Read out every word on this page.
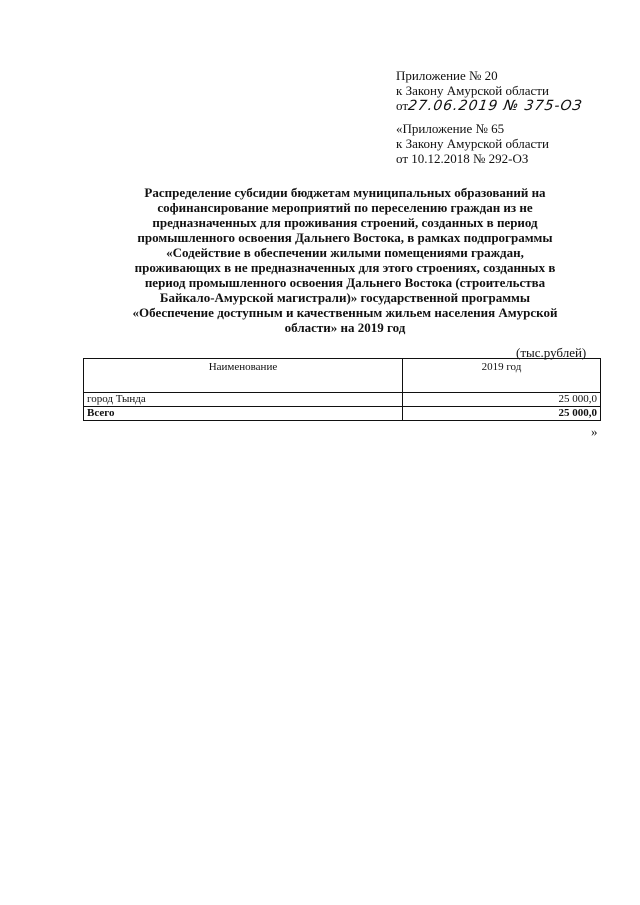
Приложение № 20
к Закону Амурской области
от27.06.2019 № 375-ОЗ
«Приложение № 65
к Закону Амурской области
от 10.12.2018 № 292-ОЗ
Распределение субсидии бюджетам муниципальных образований на
софинансирование мероприятий по переселению граждан из не
предназначенных для проживания строений, созданных в период
промышленного освоения Дальнего Востока, в рамках подпрограммы
«Содействие в обеспечении жилыми помещениями граждан,
проживающих в не предназначенных для этого строениях, созданных в
период промышленного освоения Дальнего Востока (строительства
Байкало-Амурской магистрали)» государственной программы
«Обеспечение доступным и качественным жильем населения Амурской
области» на 2019 год
(тыс.рублей)
Наименование	2019 год
город Тында	25 000,0
Всего	25 000,0
»
